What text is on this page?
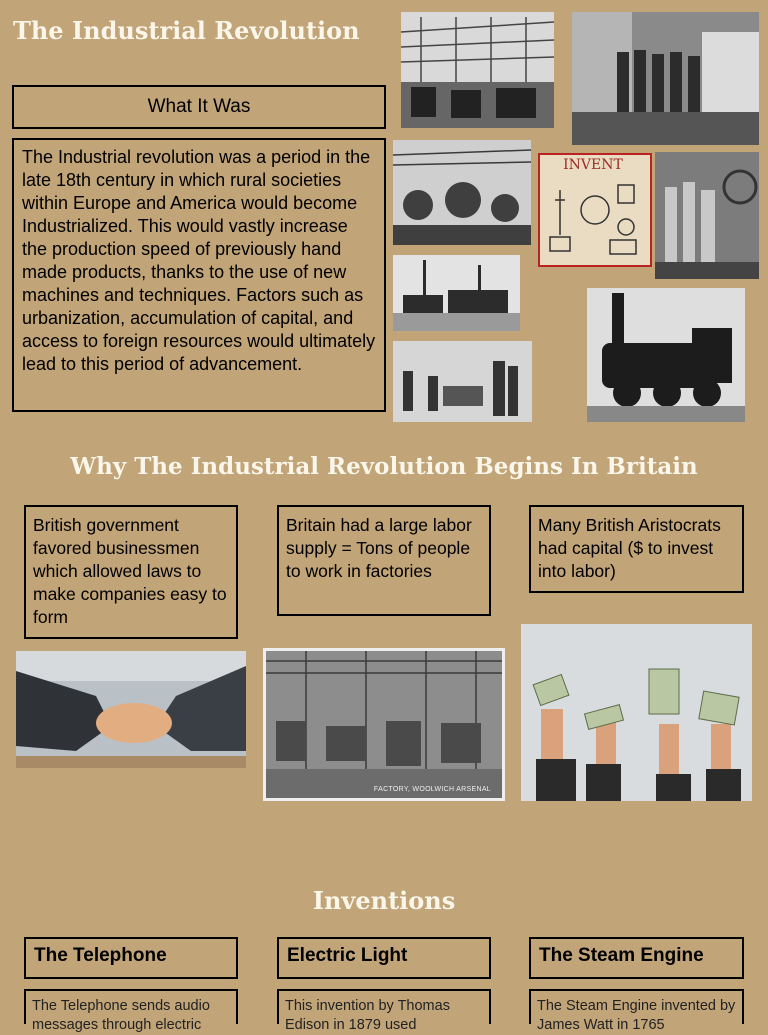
The Industrial Revolution
What It Was
The Industrial revolution was a period in the late 18th century in which rural societies within Europe and America would become Industrialized. This would vastly increase the production speed of previously hand made products, thanks to the use of new machines and techniques. Factors such as urbanization, accumulation of capital, and access to foreign resources would ultimately lead to this period of advancement.
INVENT
Why The Industrial Revolution Begins In Britain
British government favored businessmen which allowed laws to make companies easy to form
Britain had a large labor supply = Tons of people to work in factories
Many British Aristocrats had capital ($ to invest into labor)
FACTORY, WOOLWICH ARSENAL
Inventions
The Telephone	Electric Light	The Steam Engine
The Telephone sends audio messages through electric
This invention by Thomas Edison in 1879 used
The Steam Engine invented by James Watt in 1765
